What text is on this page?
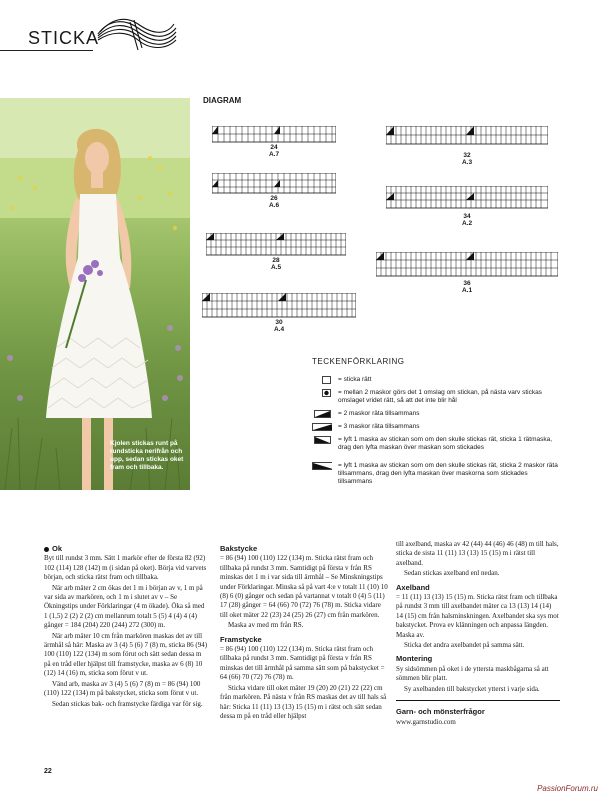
STICKA
Kjolen stickas runt på rundsticka nerifrån och upp, sedan stickas oket fram och tillbaka.
DIAGRAM
24
A.7
26
A.6
28
A.5
30
A.4
32
A.3
34
A.2
36
A.1
TECKENFÖRKLARING
= sticka rätt
= mellan 2 maskor görs det 1 omslag om stickan, på nästa varv stickas omslaget vridet rätt, så att det inte blir hål
= 2 maskor räta tillsammans
= 3 maskor räta tillsammans
= lyft 1 maska av stickan som om den skulle stickas rät, sticka 1 rätmaska, drag den lyfta maskan över maskan som stickades
= lyft 1 maska av stickan som om den skulle stickas rät, sticka 2 maskor räta tillsammans, drag den lyfta maskan över maskorna som stickades tillsammans
Ok

Byt till rundst 3 mm. Sätt 1 markör efter de första 82 (92) 102 (114) 128 (142) m (i sidan på oket). Börja vid varvets början, och sticka rätst fram och tillbaka.

När arb mäter 2 cm ökas det 1 m i början av v, 1 m på var sida av markören, och 1 m i slutet av v – Se Ökningstips under Förklaringar (4 m ökade). Öka så med 1 (1,5) 2 (2) 2 (2) cm mellanrum totalt 5 (5) 4 (4) 4 (4) gånger = 184 (204) 220 (244) 272 (300) m.

När arb mäter 10 cm från markören maskas det av till ärmhål så här: Maska av 3 (4) 5 (6) 7 (8) m, sticka 86 (94) 100 (110) 122 (134) m som förut och sätt sedan dessa m på en tråd eller hjälpst till framstycke, maska av 6 (8) 10 (12) 14 (16) m, sticka som förut v ut.

Vänd arb, maska av 3 (4) 5 (6) 7 (8) m = 86 (94) 100 (110) 122 (134) m på bakstycket, sticka som förut v ut.

Sedan stickas bak- och framstycke färdiga var för sig.

Bakstycke

= 86 (94) 100 (110) 122 (134) m. Sticka rätst fram och tillbaka på rundst 3 mm. Samtidigt på första v från RS minskas det 1 m i var sida till ärmhål – Se Minskningstips under Förklaringar. Minska så på vart 4:e v totalt 11 (10) 10 (8) 6 (0) gånger och sedan på vartannat v totalt 0 (4) 5 (11) 17 (28) gånger = 64 (66) 70 (72) 76 (78) m. Sticka vidare till oket mäter 22 (23) 24 (25) 26 (27) cm från markören.

Maska av med rm från RS.

Framstycke

= 86 (94) 100 (110) 122 (134) m. Sticka rätst fram och tillbaka på rundst 3 mm. Samtidigt på första v från RS minskas det till ärmhål på samma sätt som på bakstycket = 64 (66) 70 (72) 76 (78) m.

Sticka vidare till oket mäter 19 (20) 20 (21) 22 (22) cm från markören. På nästa v från RS maskas det av till hals så här: Sticka 11 (11) 13 (13) 15 (15) m i rätst och sätt sedan dessa m på en tråd eller hjälpst

till axelband, maska av 42 (44) 44 (46) 46 (48) m till hals, sticka de sista 11 (11) 13 (13) 15 (15) m i rätst till axelband.

Sedan stickas axelband enl nedan.

Axelband

= 11 (11) 13 (13) 15 (15) m. Sticka rätst fram och tillbaka på rundst 3 mm till axelbandet mäter ca 13 (13) 14 (14) 14 (15) cm från halsminskningen. Axelbandet ska sys mot bakstycket. Prova ev klänningen och anpassa längden. Maska av.

Sticka det andra axelbandet på samma sätt.

Montering

Sy sidsömmen på oket i de yttersta maskbågarna så att sömmen blir platt.

Sy axelbanden till bakstycket ytterst i varje sida.

Garn- och mönsterfrågor

www.garnstudio.com

22
PassionForum.ru
